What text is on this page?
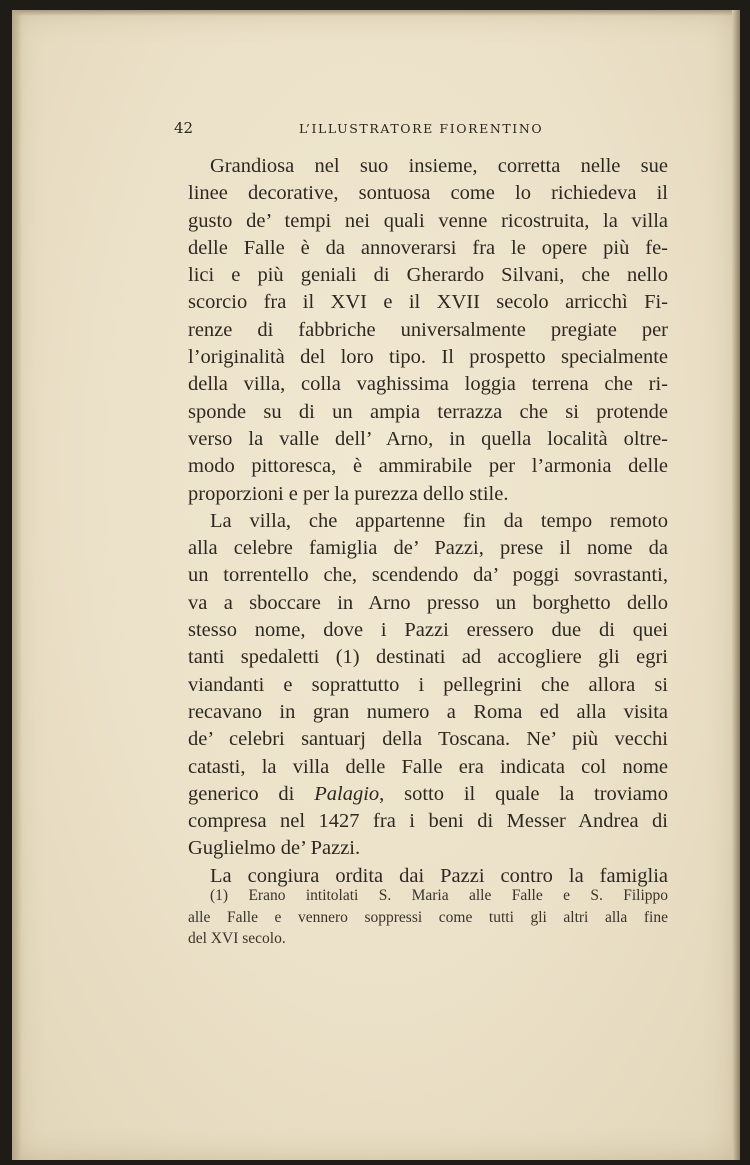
42	L’ILLUSTRATORE FIORENTINO

Grandiosa nel suo insieme, corretta nelle sue
linee decorative, sontuosa come lo richiedeva il
gusto de’ tempi nei quali venne ricostruita, la villa
delle Falle è da annoverarsi fra le opere più fe-
lici e più geniali di Gherardo Silvani, che nello
scorcio fra il XVI e il XVII secolo arricchì Fi-
renze di fabbriche universalmente pregiate per
l’originalità del loro tipo. Il prospetto specialmente
della villa, colla vaghissima loggia terrena che ri-
sponde su di un ampia terrazza che si protende
verso la valle dell’ Arno, in quella località oltre-
modo pittoresca, è ammirabile per l’armonia delle
proporzioni e per la purezza dello stile.

La villa, che appartenne fin da tempo remoto
alla celebre famiglia de’ Pazzi, prese il nome da
un torrentello che, scendendo da’ poggi sovrastanti,
va a sboccare in Arno presso un borghetto dello
stesso nome, dove i Pazzi eressero due di quei
tanti spedaletti (1) destinati ad accogliere gli egri
viandanti e soprattutto i pellegrini che allora si
recavano in gran numero a Roma ed alla visita
de’ celebri santuarj della Toscana. Ne’ più vecchi
catasti, la villa delle Falle era indicata col nome
generico di Palagio, sotto il quale la troviamo
compresa nel 1427 fra i beni di Messer Andrea di
Guglielmo de’ Pazzi.

La congiura ordita dai Pazzi contro la famiglia

(1) Erano intitolati S. Maria alle Falle e S. Filippo
alle Falle e vennero soppressi come tutti gli altri alla fine
del XVI secolo.
